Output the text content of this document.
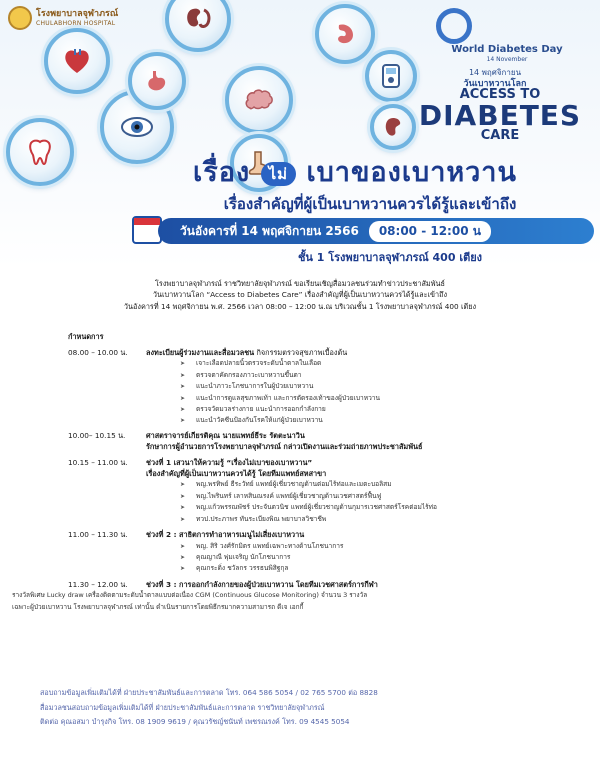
โรงพยาบาลจุฬาภรณ์
CHULABHORN HOSPITAL
World Diabetes Day
14 November
14 พฤศจิกายน
วันเบาหวานโลก
ACCESS TO
DIABETES
CARE
เรื่อง ไม่ เบาของเบาหวาน
เรื่องสำคัญที่ผู้เป็นเบาหวานควรได้รู้และเข้าถึง
วันอังคารที่ 14 พฤศจิกายน 2566	08:00 - 12:00 น
ชั้น 1 โรงพยาบาลจุฬาภรณ์ 400 เตียง

โรงพยาบาลจุฬาภรณ์ ราชวิทยาลัยจุฬาภรณ์ ขอเรียนเชิญสื่อมวลชนร่วมทำข่าวประชาสัมพันธ์

วันเบาหวานโลก “Access to Diabetes Care” เรื่องสำคัญที่ผู้เป็นเบาหวานควรได้รู้และเข้าถึง

วันอังคารที่ 14 พฤศจิกายน พ.ศ. 2566 เวลา 08:00 – 12:00 น.ณ บริเวณชั้น 1 โรงพยาบาลจุฬาภรณ์ 400 เตียง

กำหนดการ
08.00 – 10.00 น.	ลงทะเบียนผู้ร่วมงานและสื่อมวลชน กิจกรรมตรวจสุขภาพเบื้องต้น
➤ เจาะเลือดปลายนิ้วตรวจระดับน้ำตาลในเลือด
➤ ตรวจตาคัดกรองภาวะเบาหวานขึ้นตา
➤ แนะนำภาวะโภชนาการในผู้ป่วยเบาหวาน
➤ แนะนำการดูแลสุขภาพเท้า และการตัดรองเท้าของผู้ป่วยเบาหวาน
➤ ตรวจวัดมวลร่างกาย แนะนำการออกกำลังกาย
➤ แนะนำวัคซีนป้องกันโรคให้แก่ผู้ป่วยเบาหวาน
10.00– 10.15 น.	ศาสตราจารย์เกียรติคุณ นายแพทย์ธีระ รัตตะนาวิน
รักษาการผู้อำนวยการโรงพยาบาลจุฬาภรณ์ กล่าวเปิดงานและร่วมถ่ายภาพประชาสัมพันธ์
10.15 – 11.00 น.	ช่วงที่ 1 เสวนาให้ความรู้ “เรื่องไม่เบาของเบาหวาน”
เรื่องสำคัญที่ผู้เป็นเบาหวานควรได้รู้ โดยทีมแพทย์สหสาขา
➤ พญ.พรทิพย์ ธีระวัทย์ แพทย์ผู้เชี่ยวชาญด้านต่อมไร้ท่อและเมตะบอลิสม
➤ พญ.ไพรินทร์ เลาหสินณรงค์ แพทย์ผู้เชี่ยวชาญด้านเวชศาสตร์ฟื้นฟู
➤ พญ.แก้วพรรณพัชร์ ประจันตวนิช แพทย์ผู้เชี่ยวชาญด้านกุมารเวชศาสตร์โรคต่อมไร้ท่อ
➤ ทวป.ประภาพร ทันระเบียงพิณ พยาบาลวิชาชีพ
11.00 – 11.30 น.	ช่วงที่ 2 : สาธิตการทำอาหารเมนูไม่เสี่ยงเบาหวาน
➤ พญ. สิริ วงศ์รักมิตร แพทย์เฉพาะทางด้านโภชนาการ
➤ คุณญาณี พุ่มเจริญ นักโภชนาการ
➤ คุณกระดิ่ง ชวัลกร วรรธนพิสิฐกุล
11.30 – 12.00 น.	ช่วงที่ 3 : การออกกำลังกายของผู้ป่วยเบาหวาน โดยทีมเวชศาสตร์การกีฬา
รางวัลพิเศษ Lucky draw เครื่องติดตามระดับน้ำตาลแบบต่อเนื่อง CGM (Continuous Glucose Monitoring) จำนวน 3 รางวัล
เฉพาะผู้ป่วยเบาหวาน โรงพยาบาลจุฬาภรณ์ เท่านั้น ดำเนินรายการโดยพิธีกรมากความสามารถ ดีเจ เอกกี้
สอบถามข้อมูลเพิ่มเติมได้ที่ ฝ่ายประชาสัมพันธ์และการตลาด โทร. 064 586 5054 / 02 765 5700 ต่อ 8828
สื่อมวลชนสอบถามข้อมูลเพิ่มเติมได้ที่ ฝ่ายประชาสัมพันธ์และการตลาด ราชวิทยาลัยจุฬาภรณ์
ติดต่อ คุณอสมา บำรุงกิจ โทร. 08 1909 9619 / คุณวรัชญ์ชนันท์ เพชรณรงค์ โทร. 09 4545 5054
